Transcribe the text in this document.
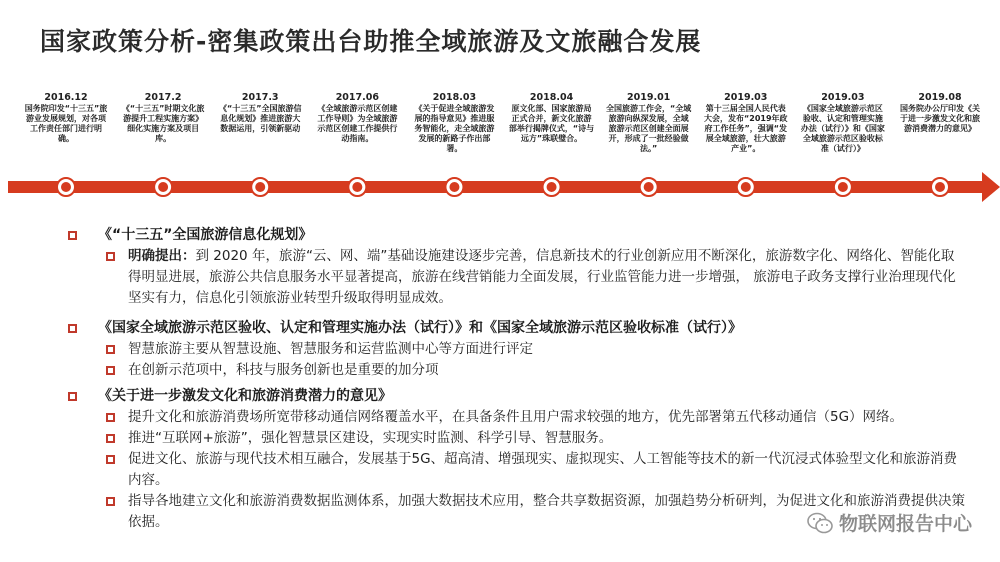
国家政策分析-密集政策出台助推全域旅游及文旅融合发展
2016.12
国务院印发“十三五”旅游业发展规划，对各项工作责任部门进行明确。
2017.2
《“十三五”时期文化旅游提升工程实施方案》细化实施方案及项目库。
2017.3
《“十三五”全国旅游信息化规划》推进旅游大数据运用，引领新驱动
2017.06
《全域旅游示范区创建工作导则》为全域旅游示范区创建工作提供行动指南。
2018.03
《关于促进全域旅游发展的指导意见》推进服务智能化，走全域旅游发展的新路子作出部署。
2018.04
原文化部、国家旅游局正式合并，新文化旅游部举行揭牌仪式，“诗与远方”珠联璧合。
2019.01
全国旅游工作会，“全域旅游向纵深发展，全域旅游示范区创建全面展开，形成了一批经验做法。”
2019.03
第十三届全国人民代表大会，发布“2019年政府工作任务”，强调“发展全域旅游，壮大旅游产业”。
2019.03
《国家全域旅游示范区验收、认定和管理实施办法（试行）》和《国家全域旅游示范区验收标准（试行）》
2019.08
国务院办公厅印发《关于进一步激发文化和旅游消费潜力的意见》
《“十三五”全国旅游信息化规划》
明确提出：到 2020 年，旅游“云、网、端”基础设施建设逐步完善，信息新技术的行业创新应用不断深化，旅游数字化、网络化、智能化取得明显进展，旅游公共信息服务水平显著提高，旅游在线营销能力全面发展，行业监管能力进一步增强， 旅游电子政务支撑行业治理现代化坚实有力，信息化引领旅游业转型升级取得明显成效。
《国家全域旅游示范区验收、认定和管理实施办法（试行）》和《国家全域旅游示范区验收标准（试行）》
智慧旅游主要从智慧设施、智慧服务和运营监测中心等方面进行评定
在创新示范项中，科技与服务创新也是重要的加分项
《关于进一步激发文化和旅游消费潜力的意见》
提升文化和旅游消费场所宽带移动通信网络覆盖水平，在具备条件且用户需求较强的地方，优先部署第五代移动通信（5G）网络。
推进“互联网+旅游”，强化智慧景区建设，实现实时监测、科学引导、智慧服务。
促进文化、旅游与现代技术相互融合，发展基于5G、超高清、增强现实、虚拟现实、人工智能等技术的新一代沉浸式体验型文化和旅游消费内容。
指导各地建立文化和旅游消费数据监测体系，加强大数据技术应用，整合共享数据资源，加强趋势分析研判，为促进文化和旅游消费提供决策依据。	物联网报告中心
